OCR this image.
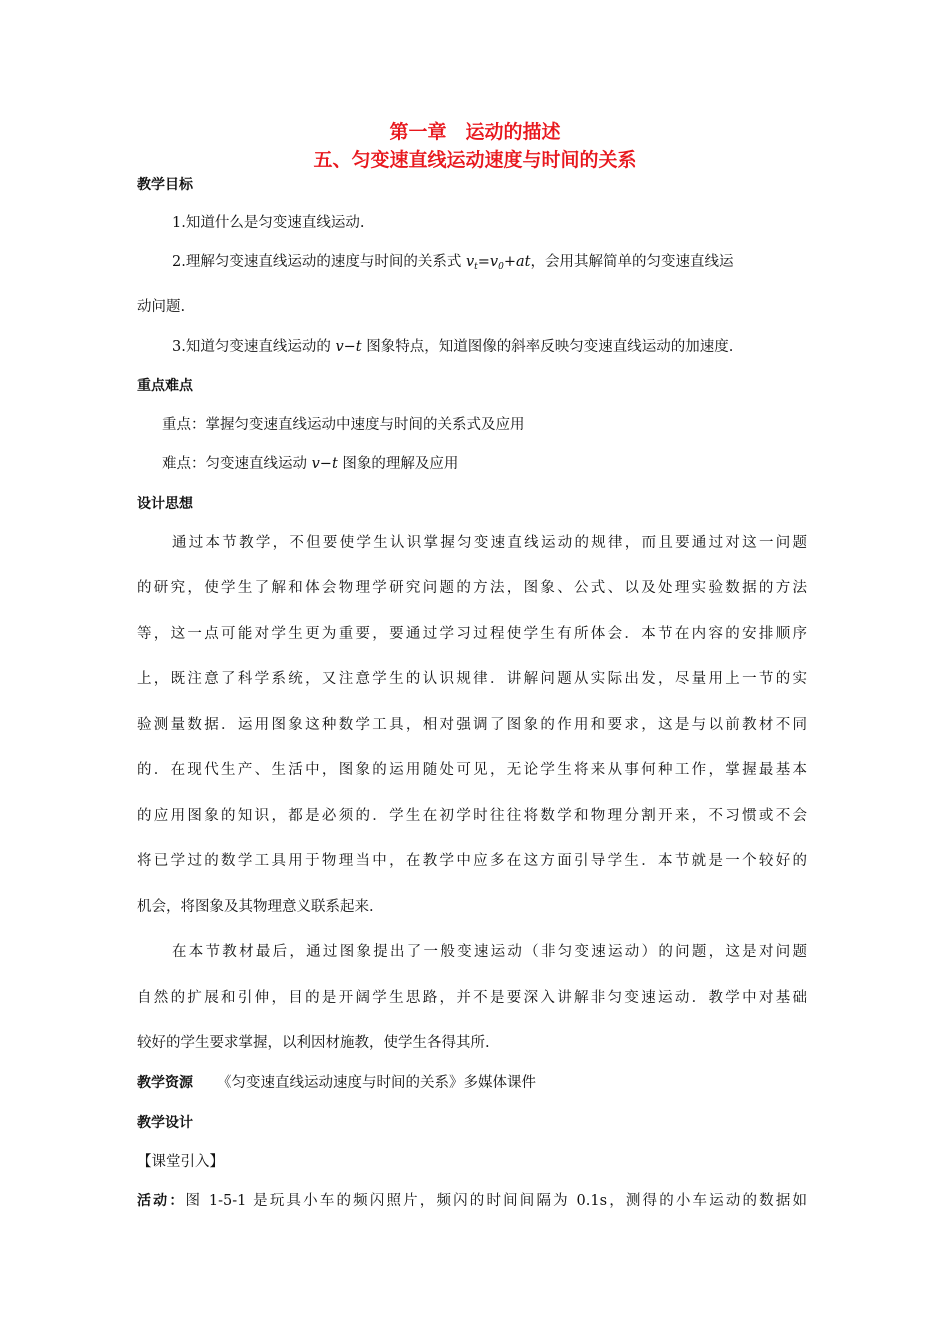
第一章　运动的描述
五、匀变速直线运动速度与时间的关系
教学目标
1.知道什么是匀变速直线运动.
2.理解匀变速直线运动的速度与时间的关系式 $v_t=v_0+at$，会用其解简单的匀变速直线运
动问题.
3.知道匀变速直线运动的 v−t 图象特点，知道图像的斜率反映匀变速直线运动的加速度.
重点难点
重点：掌握匀变速直线运动中速度与时间的关系式及应用
难点：匀变速直线运动 v−t 图象的理解及应用
设计思想
通过本节教学，不但要使学生认识掌握匀变速直线运动的规律，而且要通过对这一问题
的研究，使学生了解和体会物理学研究问题的方法，图象、公式、以及处理实验数据的方法
等，这一点可能对学生更为重要，要通过学习过程使学生有所体会．本节在内容的安排顺序
上，既注意了科学系统，又注意学生的认识规律．讲解问题从实际出发，尽量用上一节的实
验测量数据．运用图象这种数学工具，相对强调了图象的作用和要求，这是与以前教材不同
的．在现代生产、生活中，图象的运用随处可见，无论学生将来从事何种工作，掌握最基本
的应用图象的知识，都是必须的．学生在初学时往往将数学和物理分割开来，不习惯或不会
将已学过的数学工具用于物理当中，在教学中应多在这方面引导学生．本节就是一个较好的
机会，将图象及其物理意义联系起来.
在本节教材最后，通过图象提出了一般变速运动（非匀变速运动）的问题，这是对问题
自然的扩展和引伸，目的是开阔学生思路，并不是要深入讲解非匀变速运动．教学中对基础
较好的学生要求掌握，以利因材施教，使学生各得其所.
教学资源 《匀变速直线运动速度与时间的关系》多媒体课件
教学设计
【课堂引入】
活动：图 1-5-1 是玩具小车的频闪照片，频闪的时间间隔为 0.1s，测得的小车运动的数据如
